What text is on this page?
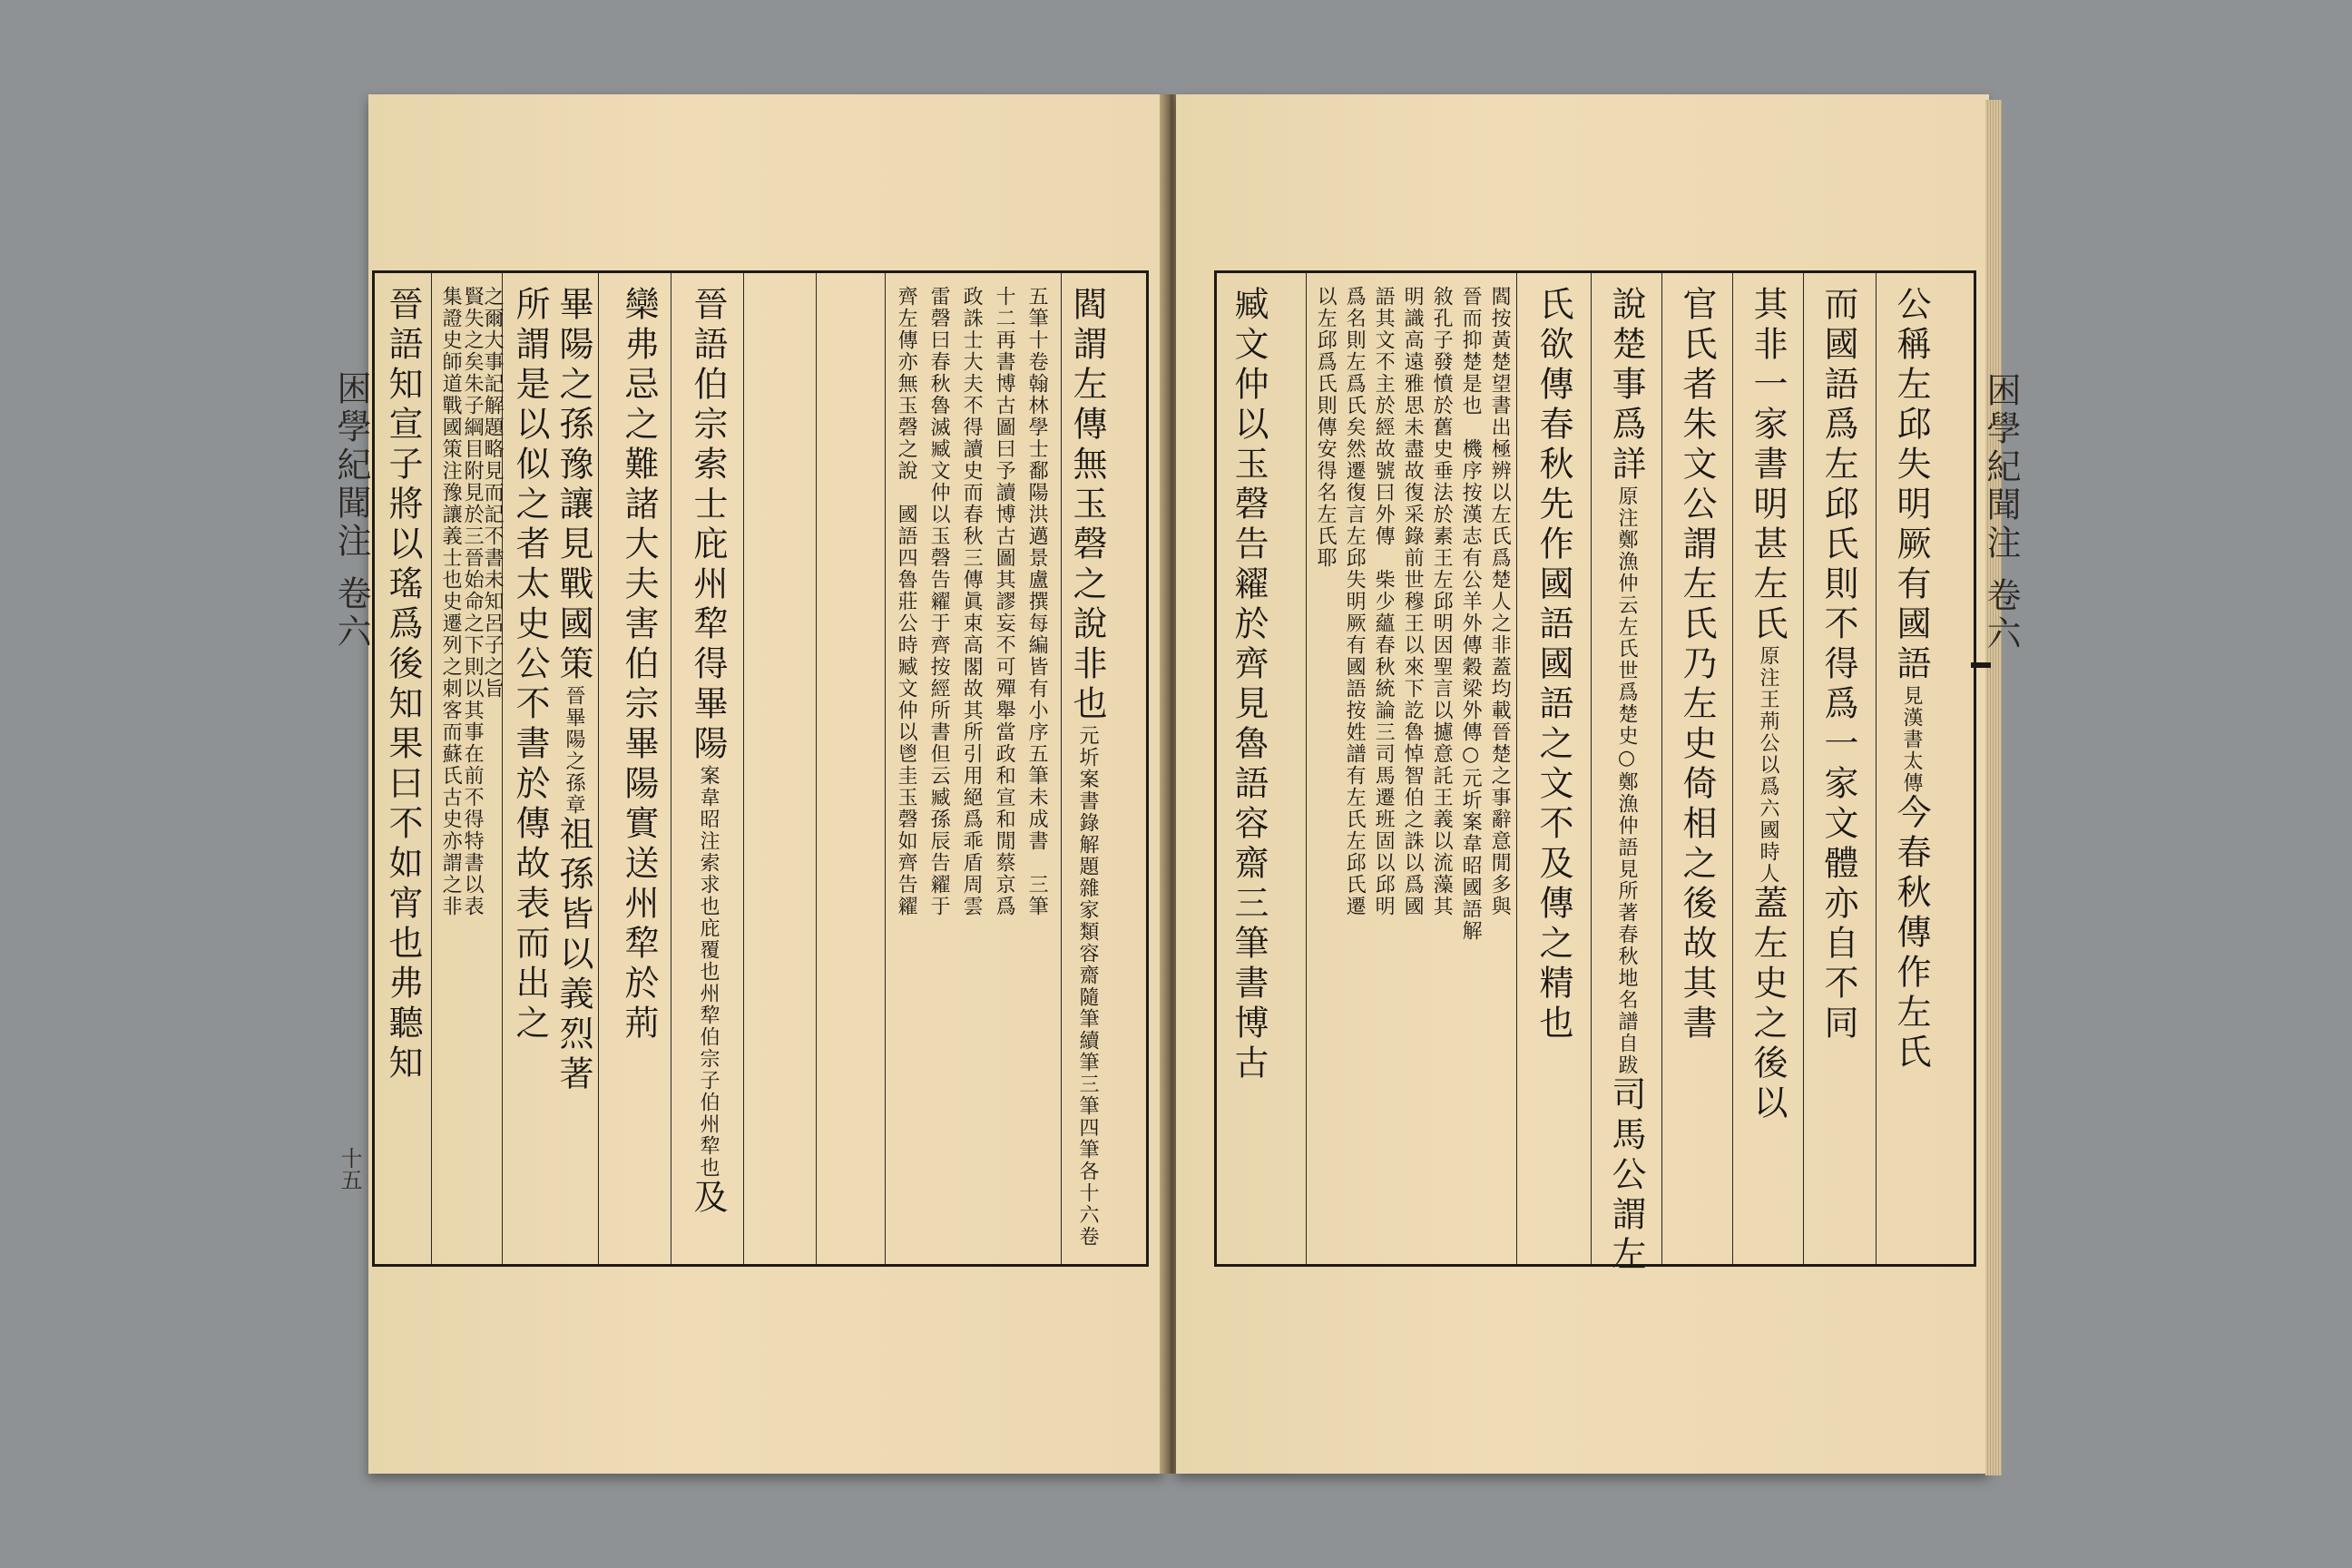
晉語知宣子將以瑤爲後知果曰不如宵也弗聽知 集證史師道戰國策注豫讓義士也史遷列之刺客而蘇氏古史亦謂之非 賢失之矣朱子綱目附見於三晉始命之下則以其事在前不得特書以表
之爾大事記解題略見而記不書未知呂子之旨 所謂是以似之者太史公不書於傳故表而出之 畢陽之孫豫讓見戰國策晉畢陽之孫章祖孫皆以義烈著 欒弗忌之難諸大夫害伯宗畢陽實送州犂於荊 晉語伯宗索士庇州犂得畢陽案韋昭注索求也庇覆也州犂伯宗子伯州犂也及
齊左傳亦無玉磬之說　國語四魯莊公時臧文仲以鬯圭玉磬如齊告糴 雷磬曰春秋魯滅臧文仲以玉磬告糴于齊按經所書但云臧孫辰告糴于 政誅士大夫不得讀史而春秋三傳眞束高閣故其所引用絕爲乖盾周雲 十二再書博古圖曰予讀博古圖其謬妄不可殫舉當政和宣和閒蔡京爲 五筆十卷翰林學士鄱陽洪邁景盧撰每編皆有小序五筆未成書　三筆 閻謂左傳無玉磬之說非也元圻案書錄解題雜家類容齋隨筆續筆三筆四筆各十六卷
困學紀聞注 卷六
十五
臧文仲以玉磬告糴於齊見魯語容齋三筆書博古 以左邱爲氏則傳安得名左氏耶 爲名則左爲氏矣然遷復言左邱失明厥有國語按姓譜有左氏左邱氏遷 語其文不主於經故號曰外傳　柴少蘊春秋統論三司馬遷班固以邱明 明識高遠雅思未盡故復采錄前世穆王以來下訖魯悼智伯之誅以爲國 敘孔子發憤於舊史垂法於素王左邱明因聖言以攄意託王義以流藻其 晉而抑楚是也　機序按漢志有公羊外傳穀梁外傳○元圻案韋昭國語解 閻按黃楚望書出極辨以左氏爲楚人之非蓋均載晉楚之事辭意閒多與 氏欲傳春秋先作國語國語之文不及傳之精也 說楚事爲詳原注鄭漁仲云左氏世爲楚史○鄭漁仲語見所著春秋地名譜自跋司馬公謂左
官氏者朱文公謂左氏乃左史倚相之後故其書 其非一家書明甚左氏原注王荊公以爲六國時人蓋左史之後以 而國語爲左邱氏則不得爲一家文體亦自不同 公稱左邱失明厥有國語見漢書太傳今春秋傳作左氏
困學紀聞注 卷六
